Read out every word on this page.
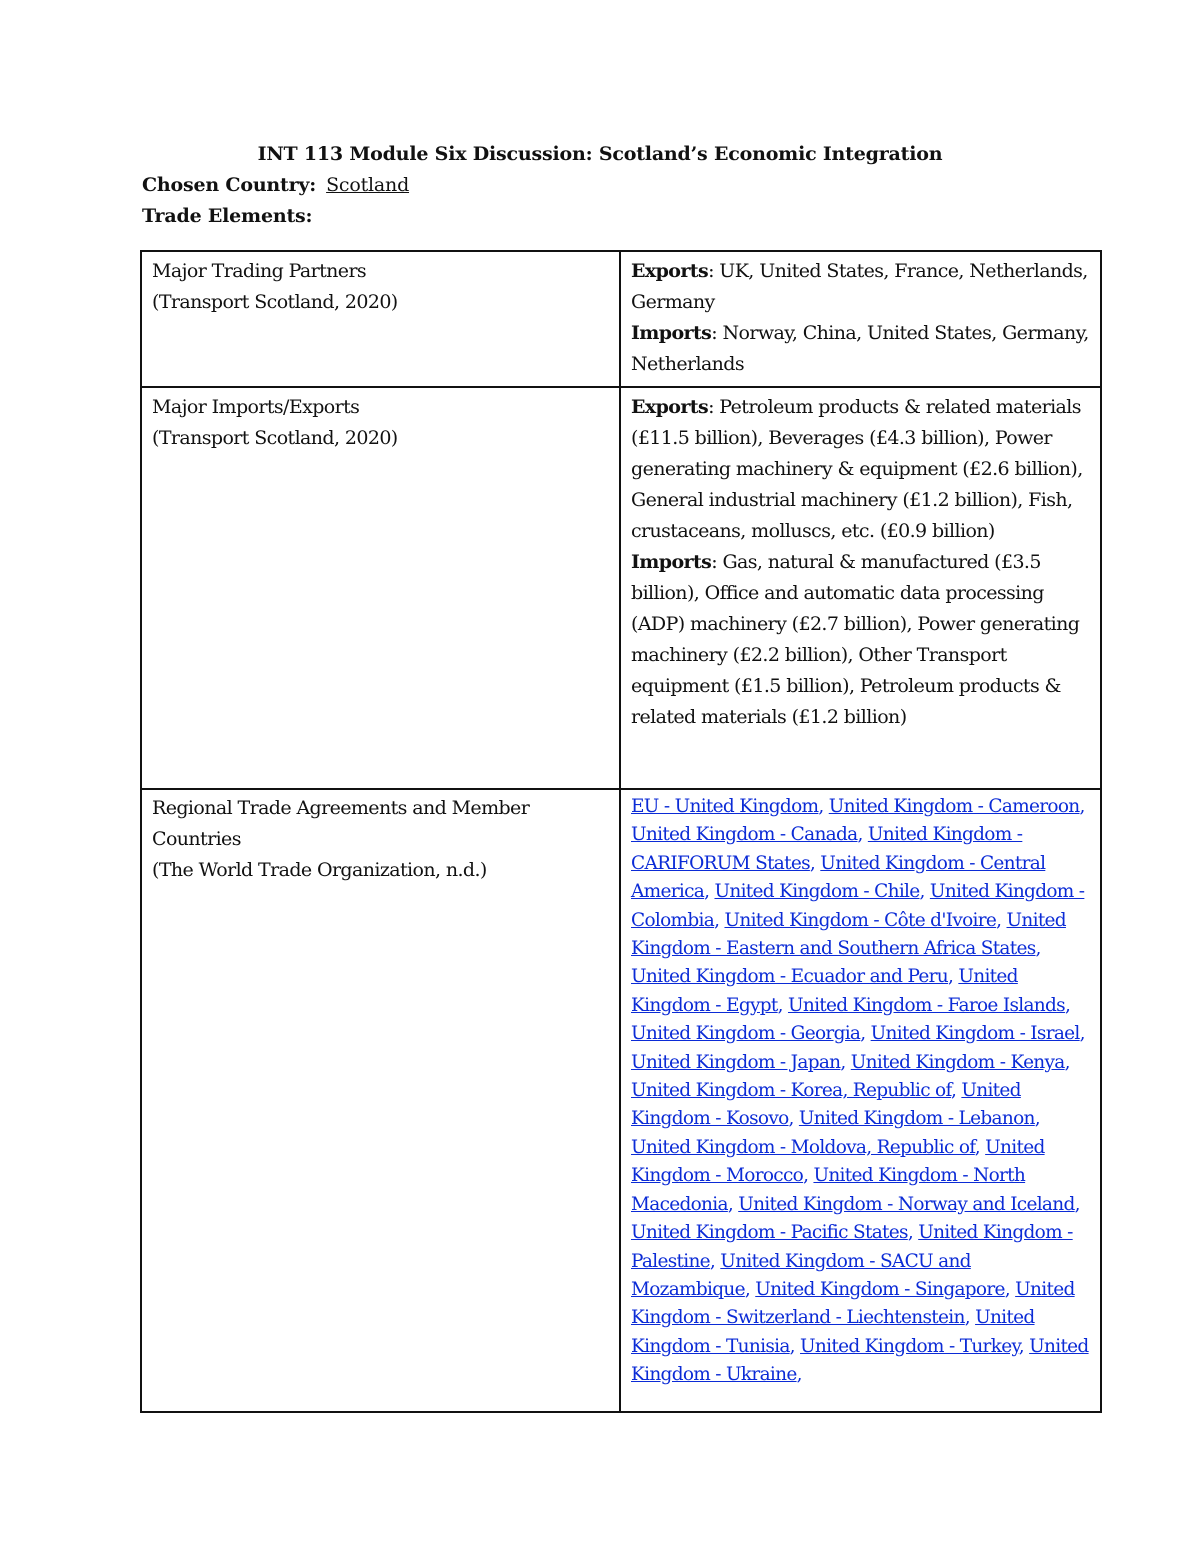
INT 113 Module Six Discussion: Scotland’s Economic Integration
Chosen Country: Scotland
Trade Elements:
Major Trading Partners
(Transport Scotland, 2020)	Exports: UK, United States, France, Netherlands, Germany
Imports: Norway, China, United States, Germany, Netherlands

Major Imports/Exports
(Transport Scotland, 2020)	Exports: Petroleum products & related materials (£11.5 billion), Beverages (£4.3 billion), Power generating machinery & equipment (£2.6 billion), General industrial machinery (£1.2 billion), Fish, crustaceans, molluscs, etc. (£0.9 billion)
Imports: Gas, natural & manufactured (£3.5 billion), Office and automatic data processing (ADP) machinery (£2.7 billion), Power generating machinery (£2.2 billion), Other Transport equipment (£1.5 billion), Petroleum products & related materials (£1.2 billion)

Regional Trade Agreements and Member Countries
(The World Trade Organization, n.d.)	EU - United Kingdom, United Kingdom - Cameroon, United Kingdom - Canada, United Kingdom - CARIFORUM States, United Kingdom - Central America, United Kingdom - Chile, United Kingdom - Colombia, United Kingdom - Côte d'Ivoire, United Kingdom - Eastern and Southern Africa States, United Kingdom - Ecuador and Peru, United Kingdom - Egypt, United Kingdom - Faroe Islands, United Kingdom - Georgia, United Kingdom - Israel, United Kingdom - Japan, United Kingdom - Kenya, United Kingdom - Korea, Republic of, United Kingdom - Kosovo, United Kingdom - Lebanon, United Kingdom - Moldova, Republic of, United Kingdom - Morocco, United Kingdom - North Macedonia, United Kingdom - Norway and Iceland, United Kingdom - Pacific States, United Kingdom - Palestine, United Kingdom - SACU and Mozambique, United Kingdom - Singapore, United Kingdom - Switzerland - Liechtenstein, United Kingdom - Tunisia, United Kingdom - Turkey, United Kingdom - Ukraine,
